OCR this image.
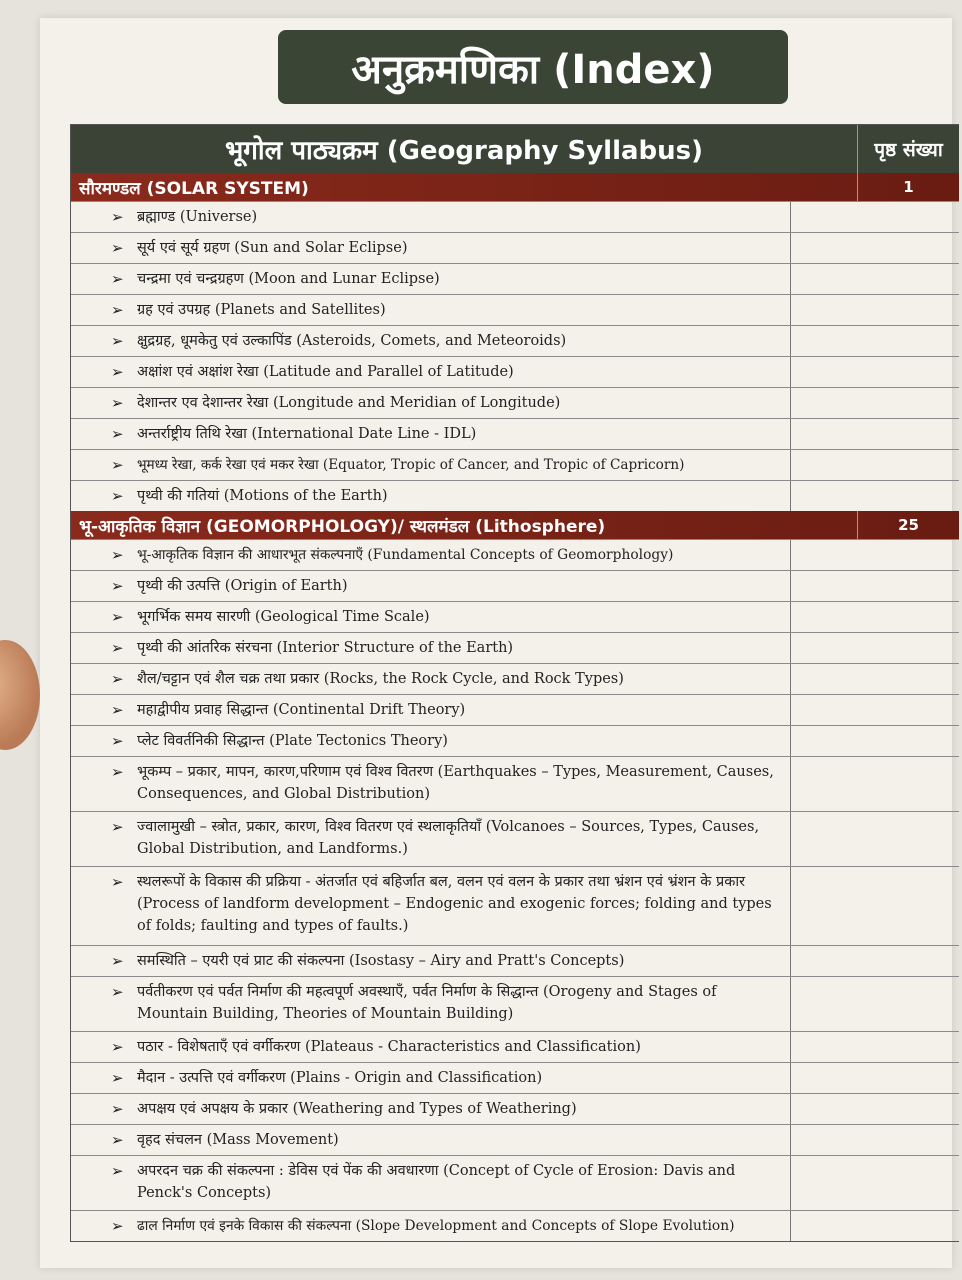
अनुक्रमणिका (Index)
भूगोल पाठ्यक्रम (Geography Syllabus)	पृष्ठ संख्या
सौरमण्डल (SOLAR SYSTEM)	1
➢ ब्रह्माण्ड (Universe)
➢ सूर्य एवं सूर्य ग्रहण (Sun and Solar Eclipse)
➢ चन्द्रमा एवं चन्द्रग्रहण (Moon and Lunar Eclipse)
➢ ग्रह एवं उपग्रह (Planets and Satellites)
➢ क्षुद्रग्रह, धूमकेतु एवं उल्कापिंड (Asteroids, Comets, and Meteoroids)
➢ अक्षांश एवं अक्षांश रेखा (Latitude and Parallel of Latitude)
➢ देशान्तर एव देशान्तर रेखा (Longitude and Meridian of Longitude)
➢ अन्तर्राष्ट्रीय तिथि रेखा (International Date Line - IDL)
➢ भूमध्य रेखा, कर्क रेखा एवं मकर रेखा (Equator, Tropic of Cancer, and Tropic of Capricorn)
➢ पृथ्वी की गतियां (Motions of the Earth)
भू-आकृतिक विज्ञान (GEOMORPHOLOGY)/ स्थलमंडल (Lithosphere)	25
➢ भू-आकृतिक विज्ञान की आधारभूत संकल्पनाएँ (Fundamental Concepts of Geomorphology)
➢ पृथ्वी की उत्पत्ति (Origin of Earth)
➢ भूगर्भिक समय सारणी (Geological Time Scale)
➢ पृथ्वी की आंतरिक संरचना (Interior Structure of the Earth)
➢ शैल/चट्टान एवं शैल चक्र तथा प्रकार (Rocks, the Rock Cycle, and Rock Types)
➢ महाद्वीपीय प्रवाह सिद्धान्त (Continental Drift Theory)
➢ प्लेट विवर्तनिकी सिद्धान्त (Plate Tectonics Theory)
➢ भूकम्प – प्रकार, मापन, कारण,परिणाम एवं विश्व वितरण (Earthquakes – Types, Measurement, Causes, Consequences, and Global Distribution)
➢ ज्वालामुखी – स्त्रोत, प्रकार, कारण, विश्व वितरण एवं स्थलाकृतियॉं (Volcanoes – Sources, Types, Causes, Global Distribution, and Landforms.)
➢ स्थलरूपों के विकास की प्रक्रिया - अंतर्जात एवं बहिर्जात बल, वलन एवं वलन के प्रकार तथा भ्रंशन एवं भ्रंशन के प्रकार (Process of landform development – Endogenic and exogenic forces; folding and types of folds; faulting and types of faults.)
➢ समस्थिति – एयरी एवं प्राट की संकल्पना (Isostasy – Airy and Pratt's Concepts)
➢ पर्वतीकरण एवं पर्वत निर्माण की महत्वपूर्ण अवस्थाएँ, पर्वत निर्माण के सिद्धान्त (Orogeny and Stages of Mountain Building, Theories of Mountain Building)
➢ पठार - विशेषताएँ एवं वर्गीकरण (Plateaus - Characteristics and Classification)
➢ मैदान - उत्पत्ति एवं वर्गीकरण (Plains - Origin and Classification)
➢ अपक्षय एवं अपक्षय के प्रकार (Weathering and Types of Weathering)
➢ वृहद संचलन (Mass Movement)
➢ अपरदन चक्र की संकल्पना : डेविस एवं पेंक की अवधारणा (Concept of Cycle of Erosion: Davis and Penck's Concepts)
➢ ढाल निर्माण एवं इनके विकास की संकल्पना (Slope Development and Concepts of Slope Evolution)
